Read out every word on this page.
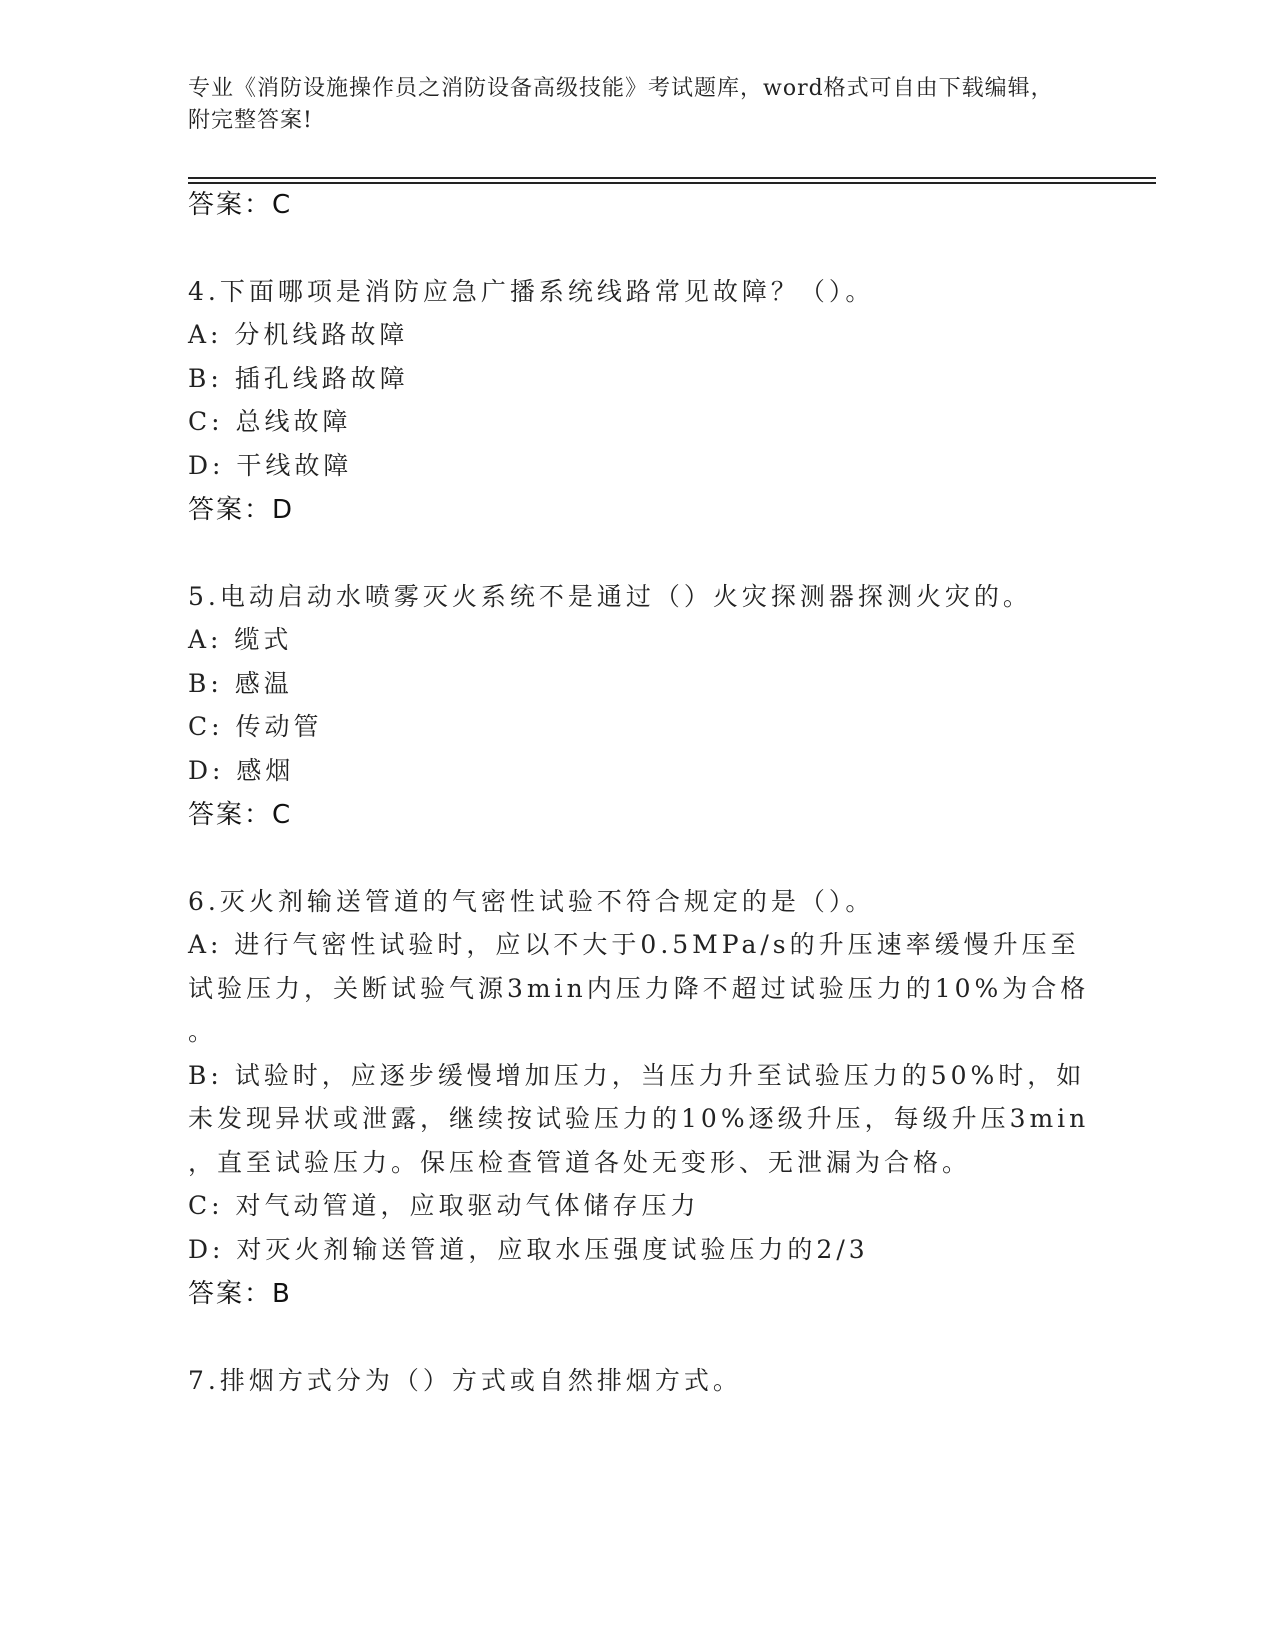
专业《消防设施操作员之消防设备高级技能》考试题库，word格式可自由下载编辑，附完整答案!
答案：C
4.下面哪项是消防应急广播系统线路常见故障？（）。
A: 分机线路故障
B: 插孔线路故障
C: 总线故障
D: 干线故障
答案：D
5.电动启动水喷雾灭火系统不是通过（）火灾探测器探测火灾的。
A: 缆式
B: 感温
C: 传动管
D: 感烟
答案：C
6.灭火剂输送管道的气密性试验不符合规定的是（）。
A: 进行气密性试验时，应以不大于0.5MPa/s的升压速率缓慢升压至
试验压力，关断试验气源3min内压力降不超过试验压力的10%为合格
。
B: 试验时，应逐步缓慢增加压力，当压力升至试验压力的50%时，如
未发现异状或泄露，继续按试验压力的10%逐级升压，每级升压3min
，直至试验压力。保压检查管道各处无变形、无泄漏为合格。
C: 对气动管道，应取驱动气体储存压力
D: 对灭火剂输送管道，应取水压强度试验压力的2/3
答案：B
7.排烟方式分为（）方式或自然排烟方式。
